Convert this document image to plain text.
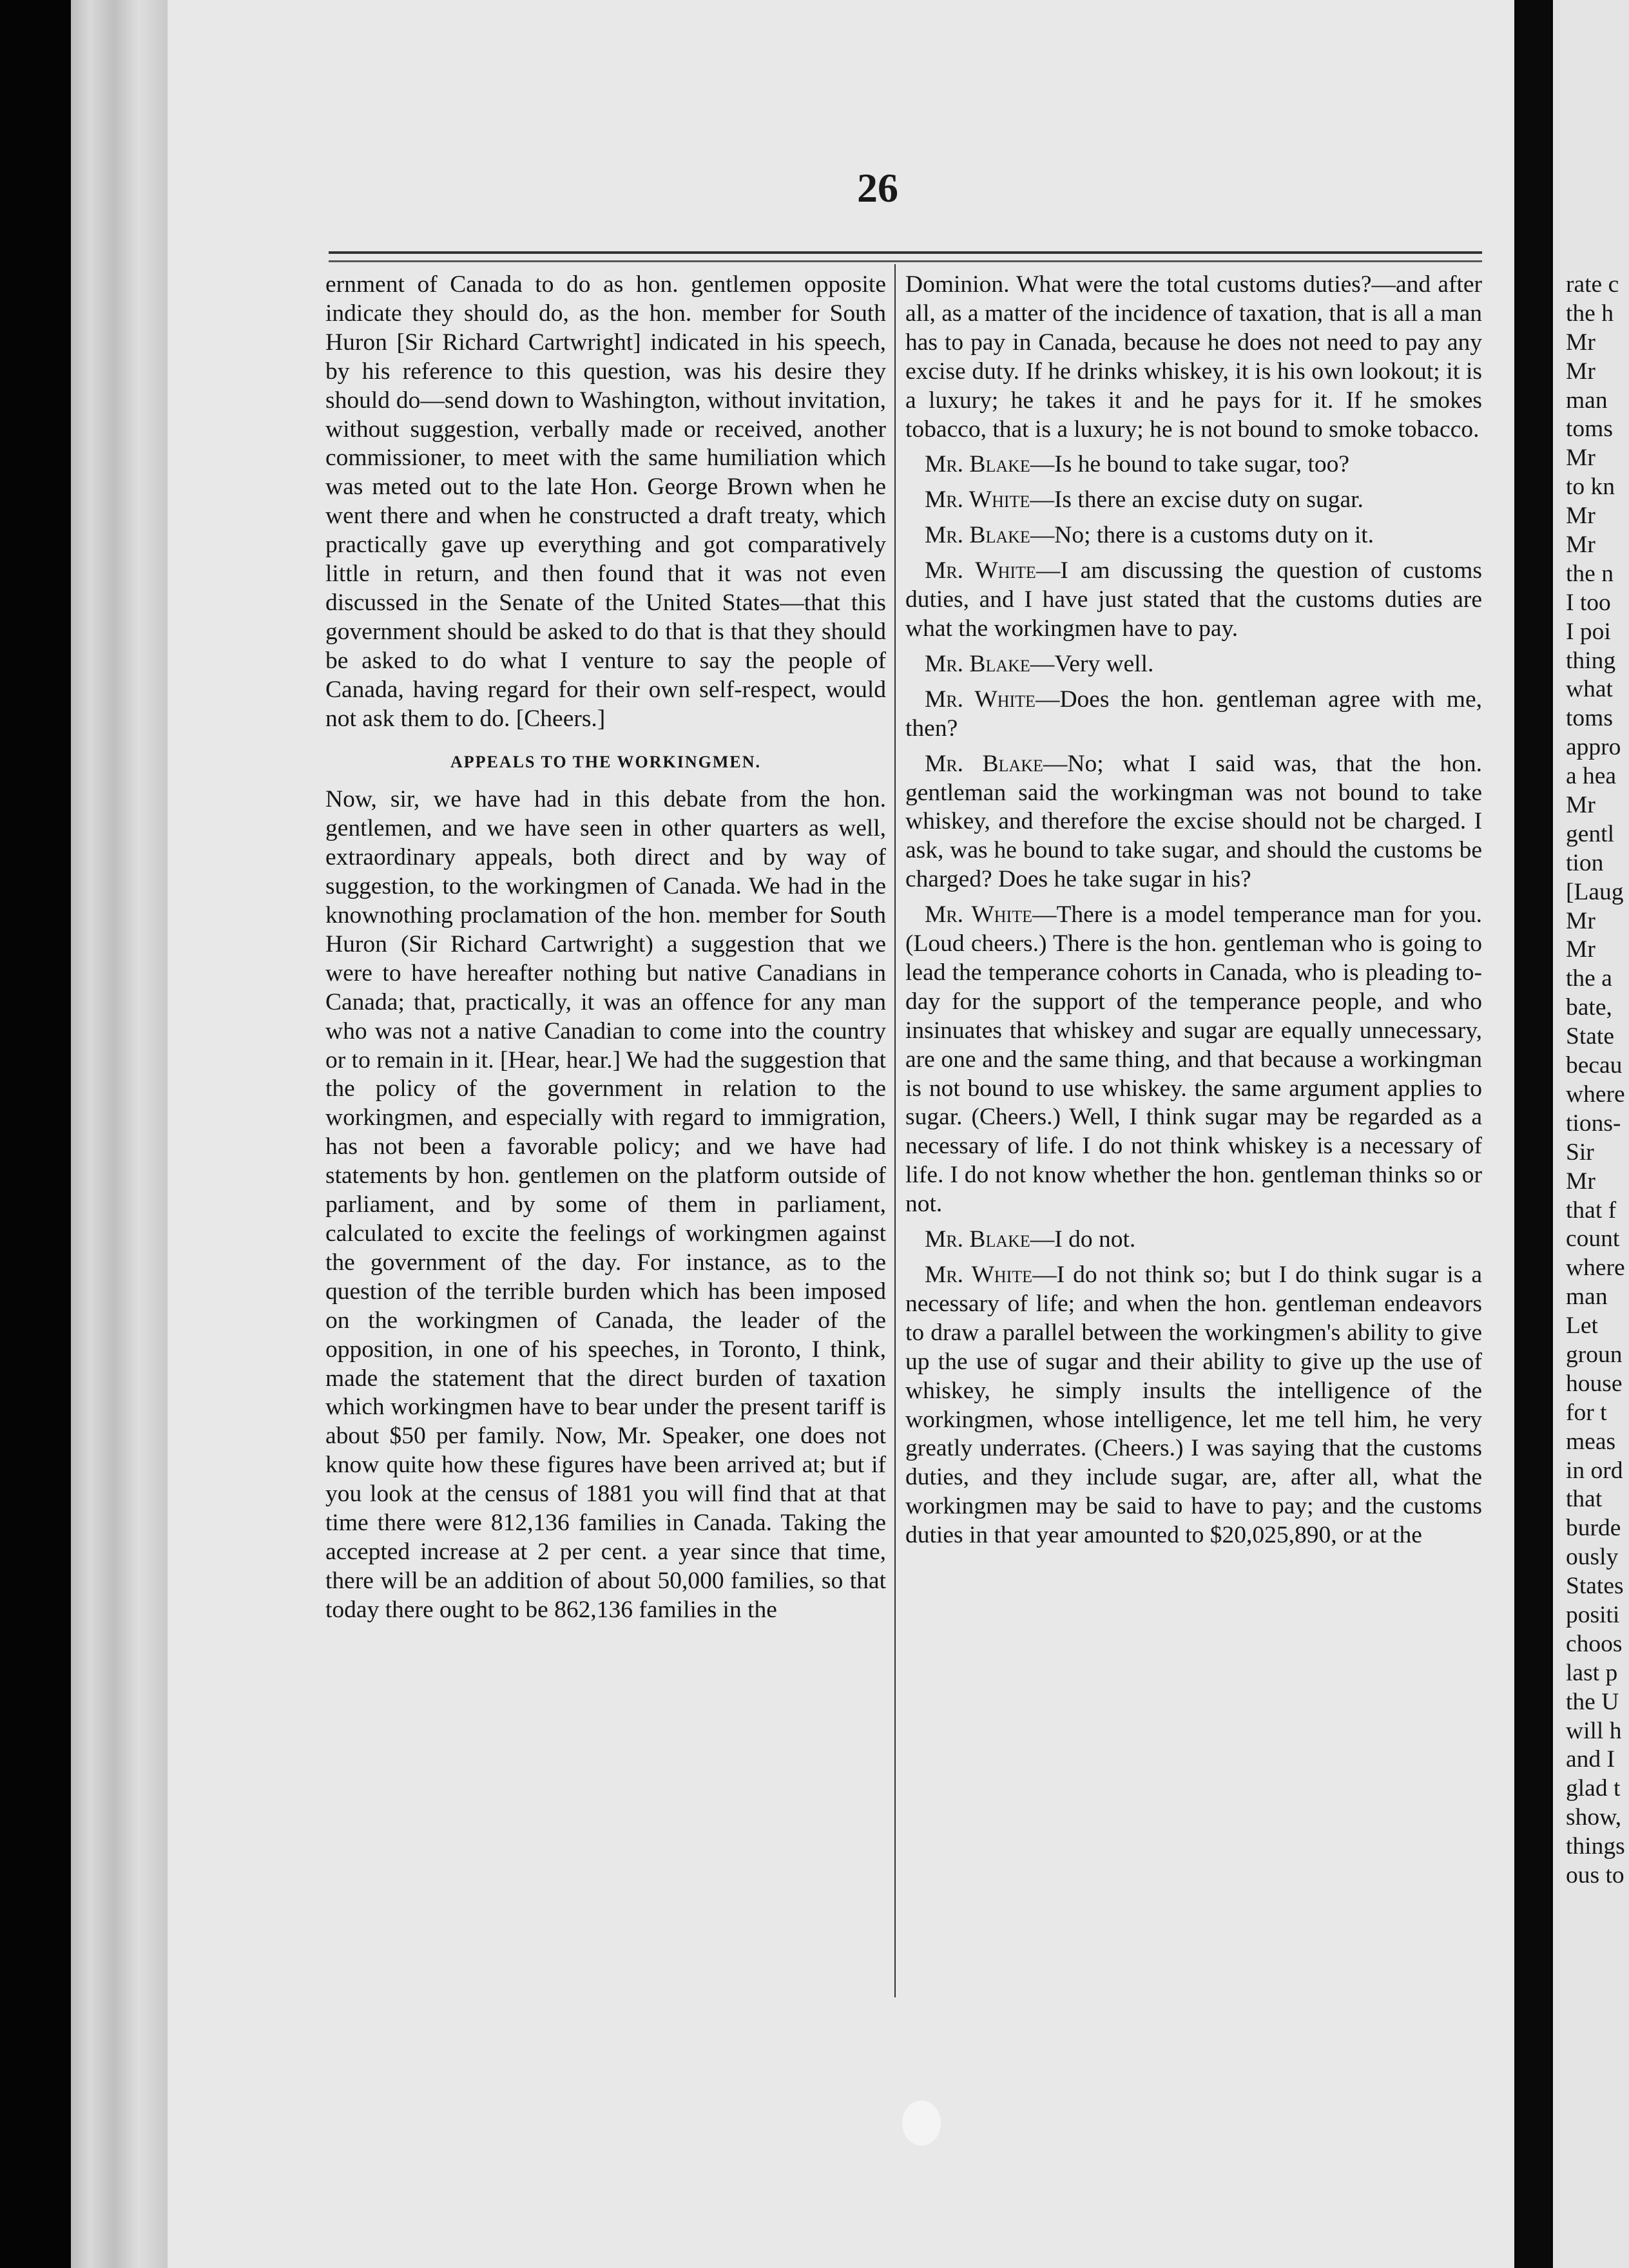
26

ernment of Canada to do as hon. gentlemen opposite indicate they should do, as the hon. member for South Huron [Sir Richard Cartwright] indicated in his speech, by his reference to this question, was his desire they should do—send down to Washington, without invitation, without suggestion, verbally made or received, another commissioner, to meet with the same humiliation which was meted out to the late Hon. George Brown when he went there and when he constructed a draft treaty, which practically gave up everything and got comparatively little in return, and then found that it was not even discussed in the Senate of the United States—that this government should be asked to do that is that they should be asked to do what I venture to say the people of Canada, having regard for their own self-respect, would not ask them to do. [Cheers.]

APPEALS TO THE WORKINGMEN.

Now, sir, we have had in this debate from the hon. gentlemen, and we have seen in other quarters as well, extraordinary appeals, both direct and by way of suggestion, to the workingmen of Canada. We had in the knownothing proclamation of the hon. member for South Huron (Sir Richard Cartwright) a suggestion that we were to have hereafter nothing but native Canadians in Canada; that, practically, it was an offence for any man who was not a native Canadian to come into the country or to remain in it. [Hear, hear.] We had the suggestion that the policy of the government in relation to the workingmen, and especially with regard to immigration, has not been a favorable policy; and we have had statements by hon. gentlemen on the platform outside of parliament, and by some of them in parliament, calculated to excite the feelings of workingmen against the government of the day. For instance, as to the question of the terrible burden which has been imposed on the workingmen of Canada, the leader of the opposition, in one of his speeches, in Toronto, I think, made the statement that the direct burden of taxation which workingmen have to bear under the present tariff is about $50 per family. Now, Mr. Speaker, one does not know quite how these figures have been arrived at; but if you look at the census of 1881 you will find that at that time there were 812,136 families in Canada. Taking the accepted increase at 2 per cent. a year since that time, there will be an addition of about 50,000 families, so that today there ought to be 862,136 families in the

Dominion. What were the total customs duties?—and after all, as a matter of the incidence of taxation, that is all a man has to pay in Canada, because he does not need to pay any excise duty. If he drinks whiskey, it is his own lookout; it is a luxury; he takes it and he pays for it. If he smokes tobacco, that is a luxury; he is not bound to smoke tobacco.

Mr. Blake—Is he bound to take sugar, too?

Mr. White—Is there an excise duty on sugar.

Mr. Blake—No; there is a customs duty on it.

Mr. White—I am discussing the question of customs duties, and I have just stated that the customs duties are what the workingmen have to pay.

Mr. Blake—Very well.

Mr. White—Does the hon. gentleman agree with me, then?

Mr. Blake—No; what I said was, that the hon. gentleman said the workingman was not bound to take whiskey, and therefore the excise should not be charged. I ask, was he bound to take sugar, and should the customs be charged? Does he take sugar in his?

Mr. White—There is a model temperance man for you. (Loud cheers.) There is the hon. gentleman who is going to lead the temperance cohorts in Canada, who is pleading to-day for the support of the temperance people, and who insinuates that whiskey and sugar are equally unnecessary, are one and the same thing, and that because a workingman is not bound to use whiskey. the same argument applies to sugar. (Cheers.) Well, I think sugar may be regarded as a necessary of life. I do not think whiskey is a necessary of life. I do not know whether the hon. gentleman thinks so or not.

Mr. Blake—I do not.

Mr. White—I do not think so; but I do think sugar is a necessary of life; and when the hon. gentleman endeavors to draw a parallel between the workingmen's ability to give up the use of sugar and their ability to give up the use of whiskey, he simply insults the intelligence of the workingmen, whose intelligence, let me tell him, he very greatly underrates. (Cheers.) I was saying that the customs duties, and they include sugar, are, after all, what the workingmen may be said to have to pay; and the customs duties in that year amounted to $20,025,890, or at the

rate c
the h
Mr
Mr
man
toms
Mr
to kn
Mr
Mr
the n
I too
I poi
thing
what
toms
appro
a hea
Mr
gentl
tion
[Laug
Mr
Mr
the a
bate,
State
becau
where
tions-
Sir
Mr
that f
count
where
man
Let
groun
house
for t
meas
in ord
that
burde
ously
States
positi
choos
last p
the U
will h
and I
glad t
show,
things
ous to
